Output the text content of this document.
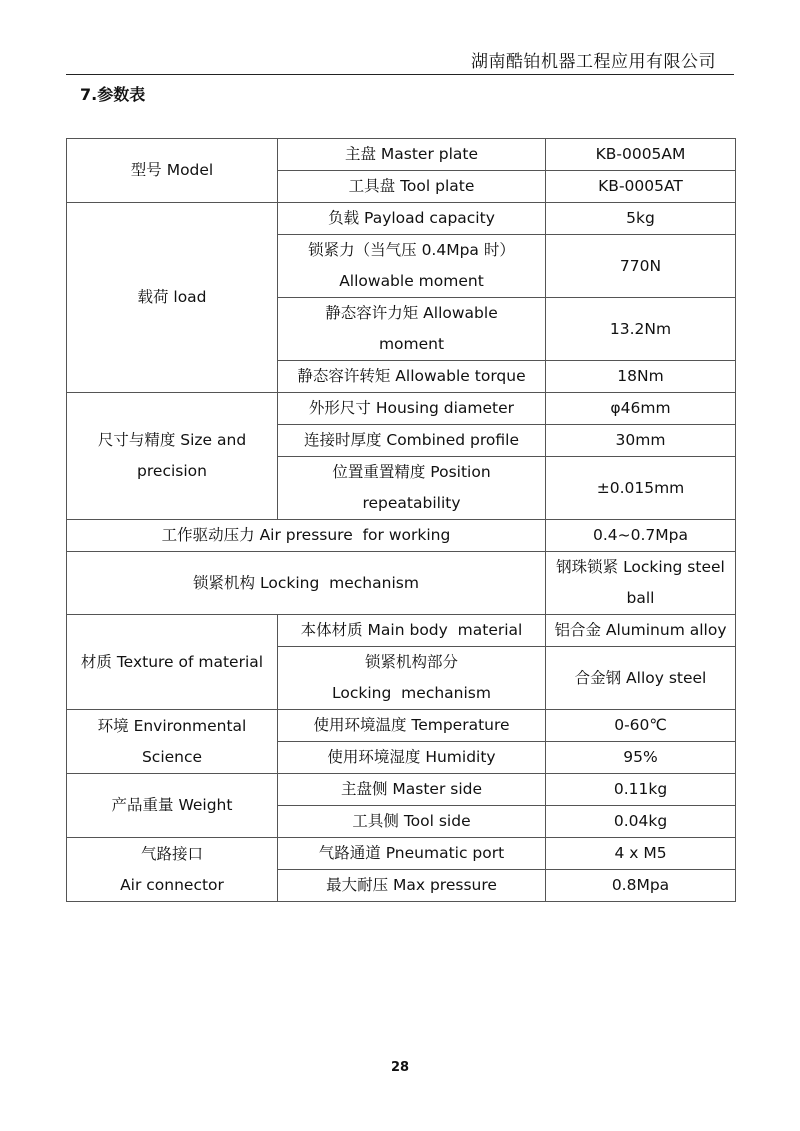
湖南酷铂机器工程应用有限公司
7.参数表
型号 Model	主盘 Master plate	KB-0005AM
	工具盘 Tool plate	KB-0005AT
载荷 load	负载 Payload capacity	5kg

	锁紧力（当气压 0.4Mpa 时）
Allowable moment	770N

	静态容许力矩 Allowable
moment	13.2Nm
	静态容许转矩 Allowable torque	18Nm

尺寸与精度 Size and
precision	外形尺寸 Housing diameter	φ46mm
	连接时厚度 Combined profile	30mm

	位置重置精度 Position
repeatability	±0.015mm
工作驱动压力 Air pressure  for working		0.4~0.7Mpa
锁紧机构 Locking  mechanism		钢珠锁紧 Locking steel
ball

材质 Texture of material	本体材质 Main body  material	铝合金 Aluminum alloy

	锁紧机构部分
Locking  mechanism	合金钢 Alloy steel

环境 Environmental
Science	使用环境温度 Temperature	0-60℃
	使用环境湿度 Humidity	95%
产品重量 Weight	主盘侧 Master side	0.11kg
	工具侧 Tool side	0.04kg

气路接口
Air connector	气路通道 Pneumatic port	4 x M5
	最大耐压 Max pressure	0.8Mpa
28
